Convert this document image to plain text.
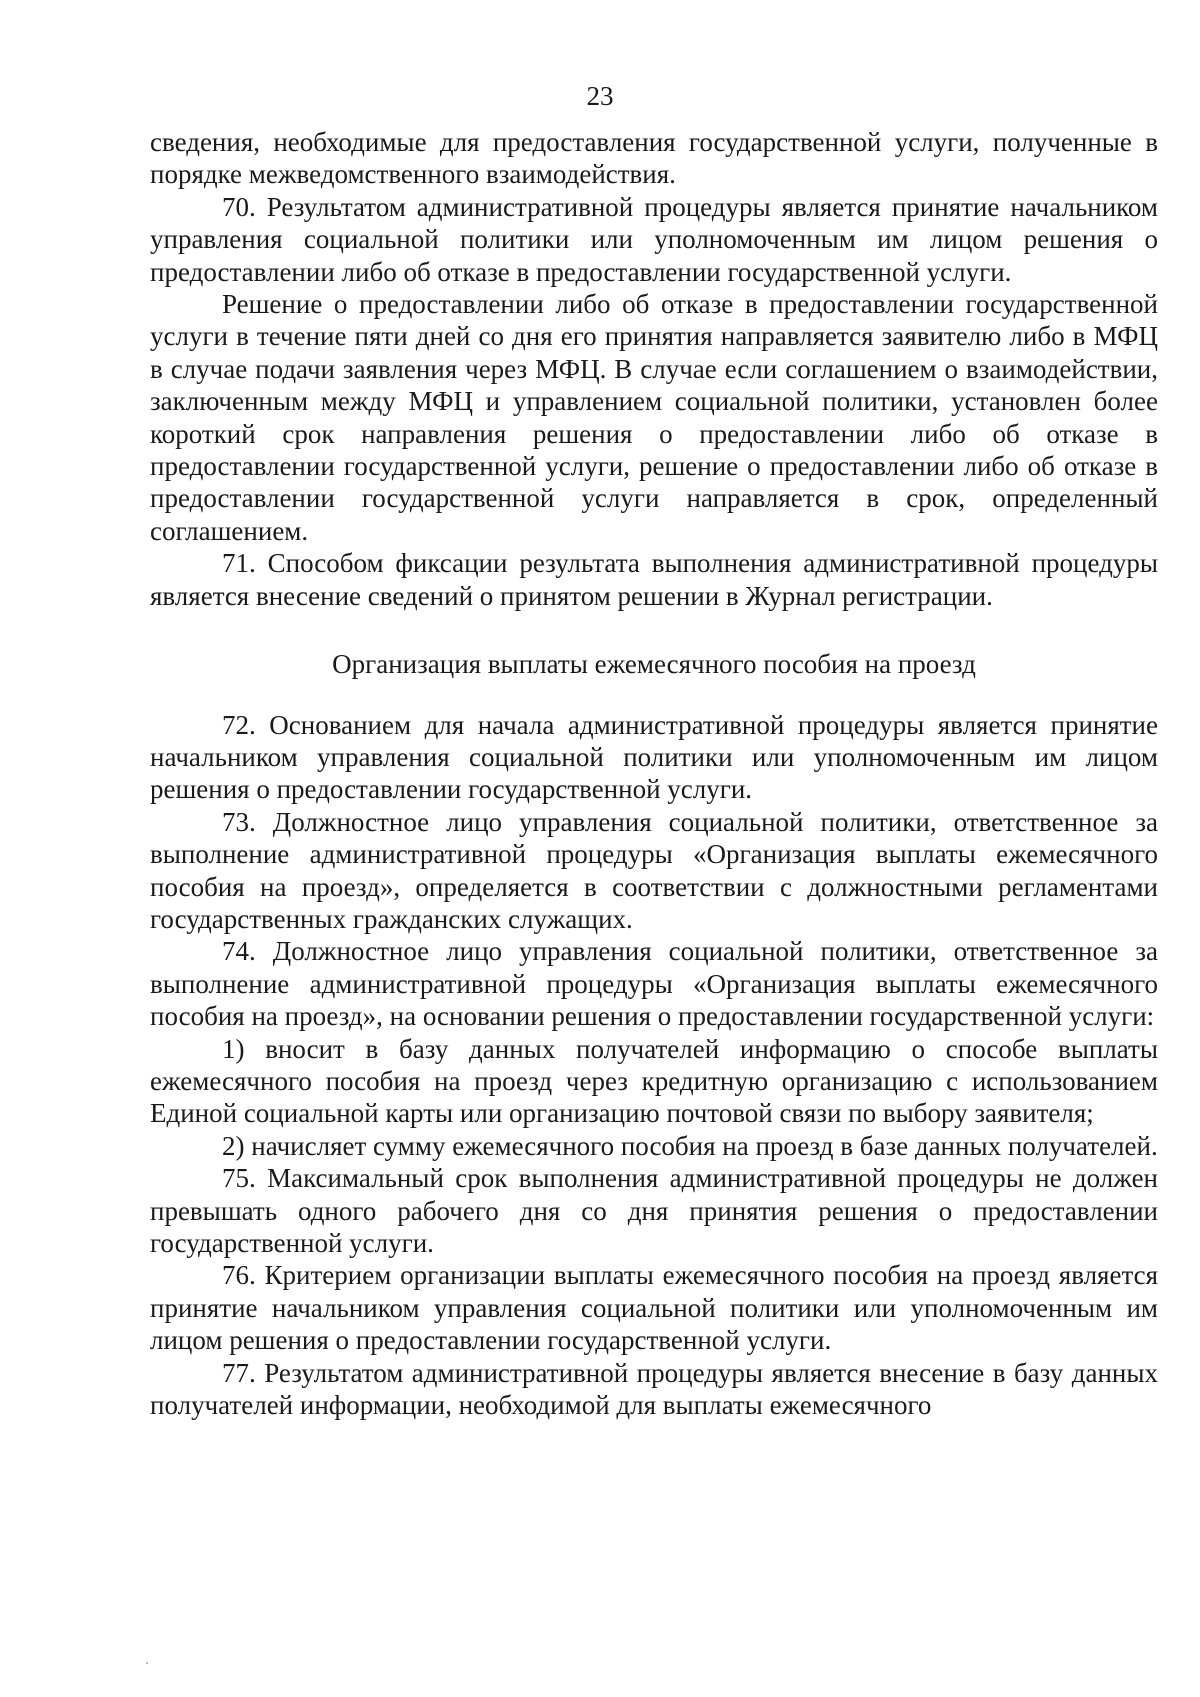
23

сведения, необходимые для предоставления государственной услуги, полученные в порядке межведомственного взаимодействия.

70. Результатом административной процедуры является принятие начальником управления социальной политики или уполномоченным им лицом решения о предоставлении либо об отказе в предоставлении государственной услуги.

Решение о предоставлении либо об отказе в предоставлении государственной услуги в течение пяти дней со дня его принятия направляется заявителю либо в МФЦ в случае подачи заявления через МФЦ. В случае если соглашением о взаимодействии, заключенным между МФЦ и управлением социальной политики, установлен более короткий срок направления решения о предоставлении либо об отказе в предоставлении государственной услуги, решение о предоставлении либо об отказе в предоставлении государственной услуги направляется в срок, определенный соглашением.

71. Способом фиксации результата выполнения административной процедуры является внесение сведений о принятом решении в Журнал регистрации.

Организация выплаты ежемесячного пособия на проезд

72. Основанием для начала административной процедуры является принятие начальником управления социальной политики или уполномоченным им лицом решения о предоставлении государственной услуги.

73. Должностное лицо управления социальной политики, ответственное за выполнение административной процедуры «Организация выплаты ежемесячного пособия на проезд», определяется в соответствии с должностными регламентами государственных гражданских служащих.

74. Должностное лицо управления социальной политики, ответственное за выполнение административной процедуры «Организация выплаты ежемесячного пособия на проезд», на основании решения о предоставлении государственной услуги:

1) вносит в базу данных получателей информацию о способе выплаты ежемесячного пособия на проезд через кредитную организацию с использованием Единой социальной карты или организацию почтовой связи по выбору заявителя;

2) начисляет сумму ежемесячного пособия на проезд в базе данных получателей.

75. Максимальный срок выполнения административной процедуры не должен превышать одного рабочего дня со дня принятия решения о предоставлении государственной услуги.

76. Критерием организации выплаты ежемесячного пособия на проезд является принятие начальником управления социальной политики или уполномоченным им лицом решения о предоставлении государственной услуги.

77. Результатом административной процедуры является внесение в базу данных получателей информации, необходимой для выплаты ежемесячного
